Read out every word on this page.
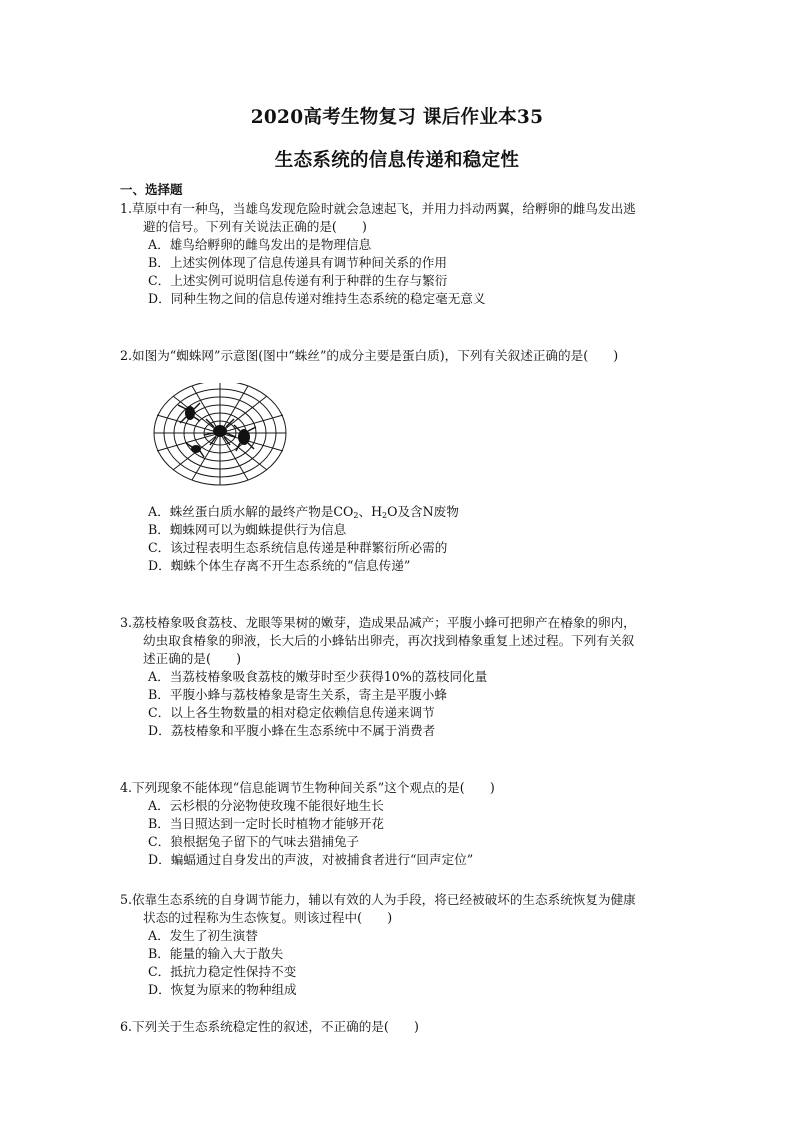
2020高考生物复习 课后作业本35
生态系统的信息传递和稳定性
一、选择题
1.草原中有一种鸟，当雄鸟发现危险时就会急速起飞，并用力抖动两翼，给孵卵的雌鸟发出逃
避的信号。下列有关说法正确的是(　　)
A．雄鸟给孵卵的雌鸟发出的是物理信息
B．上述实例体现了信息传递具有调节种间关系的作用
C．上述实例可说明信息传递有利于种群的生存与繁衍
D．同种生物之间的信息传递对维持生态系统的稳定毫无意义
2.如图为“蜘蛛网”示意图(图中“蛛丝”的成分主要是蛋白质)，下列有关叙述正确的是(　　)
A．蛛丝蛋白质水解的最终产物是$CO_2$、$H_2O$及含N废物
B．蜘蛛网可以为蜘蛛提供行为信息
C．该过程表明生态系统信息传递是种群繁衍所必需的
D．蜘蛛个体生存离不开生态系统的“信息传递”
3.荔枝椿象吸食荔枝、龙眼等果树的嫩芽，造成果品减产；平腹小蜂可把卵产在椿象的卵内，
幼虫取食椿象的卵液，长大后的小蜂钻出卵壳，再次找到椿象重复上述过程。下列有关叙
述正确的是(　　)
A．当荔枝椿象吸食荔枝的嫩芽时至少获得10%的荔枝同化量
B．平腹小蜂与荔枝椿象是寄生关系，寄主是平腹小蜂
C．以上各生物数量的相对稳定依赖信息传递来调节
D．荔枝椿象和平腹小蜂在生态系统中不属于消费者
4.下列现象不能体现“信息能调节生物种间关系”这个观点的是(　　)
A．云杉根的分泌物使玫瑰不能很好地生长
B．当日照达到一定时长时植物才能够开花
C．狼根据兔子留下的气味去猎捕兔子
D．蝙蝠通过自身发出的声波，对被捕食者进行“回声定位”
5.依靠生态系统的自身调节能力，辅以有效的人为手段，将已经被破坏的生态系统恢复为健康
状态的过程称为生态恢复。则该过程中(　　)
A．发生了初生演替
B．能量的输入大于散失
C．抵抗力稳定性保持不变
D．恢复为原来的物种组成
6.下列关于生态系统稳定性的叙述，不正确的是(　　)
